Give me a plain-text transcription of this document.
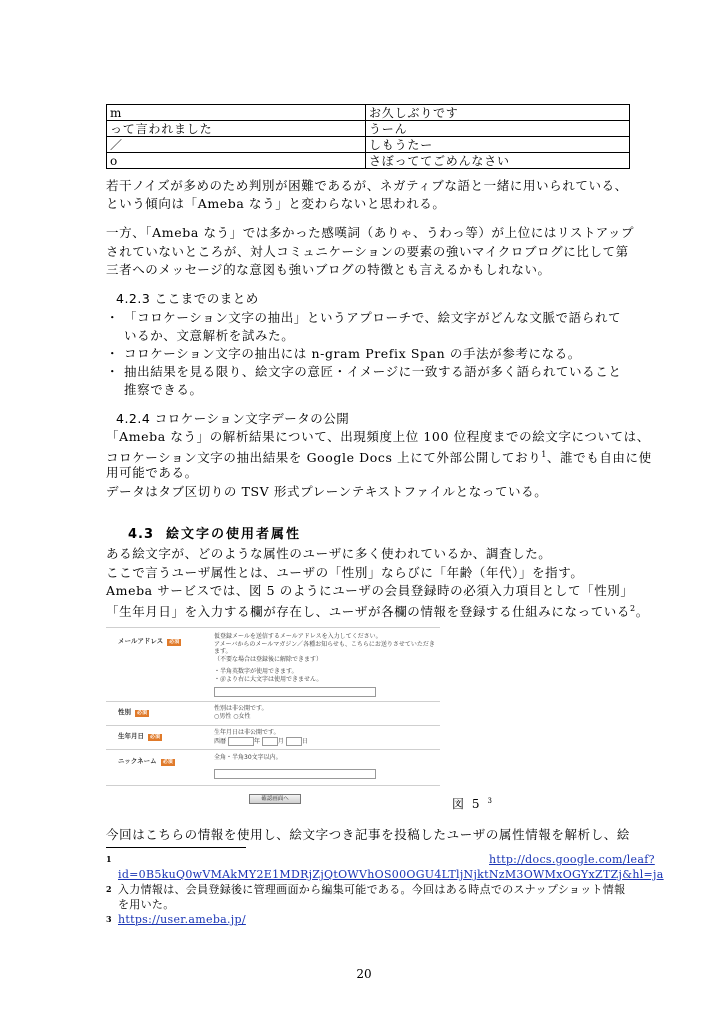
m	お久しぶりです
って言われました	うーん
／	しもうたー
o	さぼっててごめんなさい
若干ノイズが多めのため判別が困難であるが、ネガティブな語と一緒に用いられている、
という傾向は「Ameba なう」と変わらないと思われる。
一方、「Ameba なう」では多かった感嘆詞（ありゃ、うわっ等）が上位にはリストアップ
されていないところが、対人コミュニケーションの要素の強いマイクロブログに比して第
三者へのメッセージ的な意図も強いブログの特徴とも言えるかもしれない。
4.2.3 ここまでのまとめ
・ 「コロケーション文字の抽出」というアプローチで、絵文字がどんな文脈で語られて
いるか、文意解析を試みた。
・ コロケーション文字の抽出には n-gram Prefix Span の手法が参考になる。
・ 抽出結果を見る限り、絵文字の意匠・イメージに一致する語が多く語られていること
推察できる。
4.2.4 コロケーション文字データの公開
「Ameba なう」の解析結果について、出現頻度上位 100 位程度までの絵文字については、
コロケーション文字の抽出結果を Google Docs 上にて外部公開しており$^1$、誰でも自由に使
用可能である。
データはタブ区切りの TSV 形式プレーンテキストファイルとなっている。
4.3 絵文字の使用者属性
ある絵文字が、どのような属性のユーザに多く使われているか、調査した。
ここで言うユーザ属性とは、ユーザの「性別」ならびに「年齢（年代）」を指す。
Ameba サービスでは、図 5 のようにユーザの会員登録時の必須入力項目として「性別」
「生年月日」を入力する欄が存在し、ユーザが各欄の情報を登録する仕組みになっている$^2$。
メールアドレス 必須
仮登録メールを送信するメールアドレスを入力してください。
アメーバからのメールマガジン／各種お知らせも、こちらにお送りさせていただきます。
（不要な場合は登録後に解除できます）
・半角英数字が使用できます。
・＠より右に大文字は使用できません。
性別 必須
性別は非公開です。
○男性 ○女性
生年月日 必須
生年月日は非公開です。
西暦	年	月	日
ニックネーム 必須
全角・半角30文字以内。
確認画面へ	図 5 $^3$
今回はこちらの情報を使用し、絵文字つき記事を投稿したユーザの属性情報を解析し、絵
1	http://docs.google.com/leaf?
id=0B5kuQ0wVMAkMY2E1MDRjZjQtOWVhOS00OGU4LTljNjktNzM3OWMxOGYxZTZj&hl=ja
2 入力情報は、会員登録後に管理画面から編集可能である。今回はある時点でのスナップショット情報
を用いた。
3 https://user.ameba.jp/
20
